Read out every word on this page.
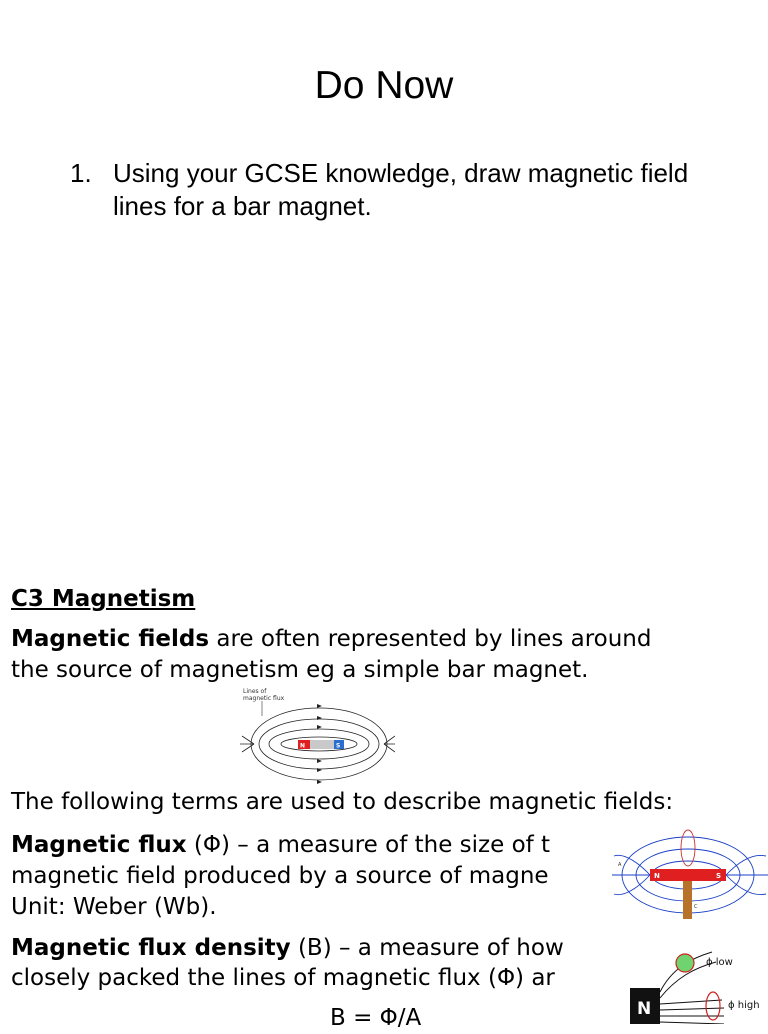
Do Now
1. Using your GCSE knowledge, draw magnetic field lines for a bar magnet.
C3 Magnetism
Magnetic fields are often represented by lines around
the source of magnetism eg a simple bar magnet.
Lines of
magnetic flux
N	S
The following terms are used to describe magnetic fields:
Magnetic flux (Φ) – a measure of the size of t
magnetic field produced by a source of magne
Unit: Weber (Wb).
N	S
A
C
Magnetic flux density (B) – a measure of how
closely packed the lines of magnetic flux (Φ) ar
N
ϕ low
ϕ high
B = Φ/A
